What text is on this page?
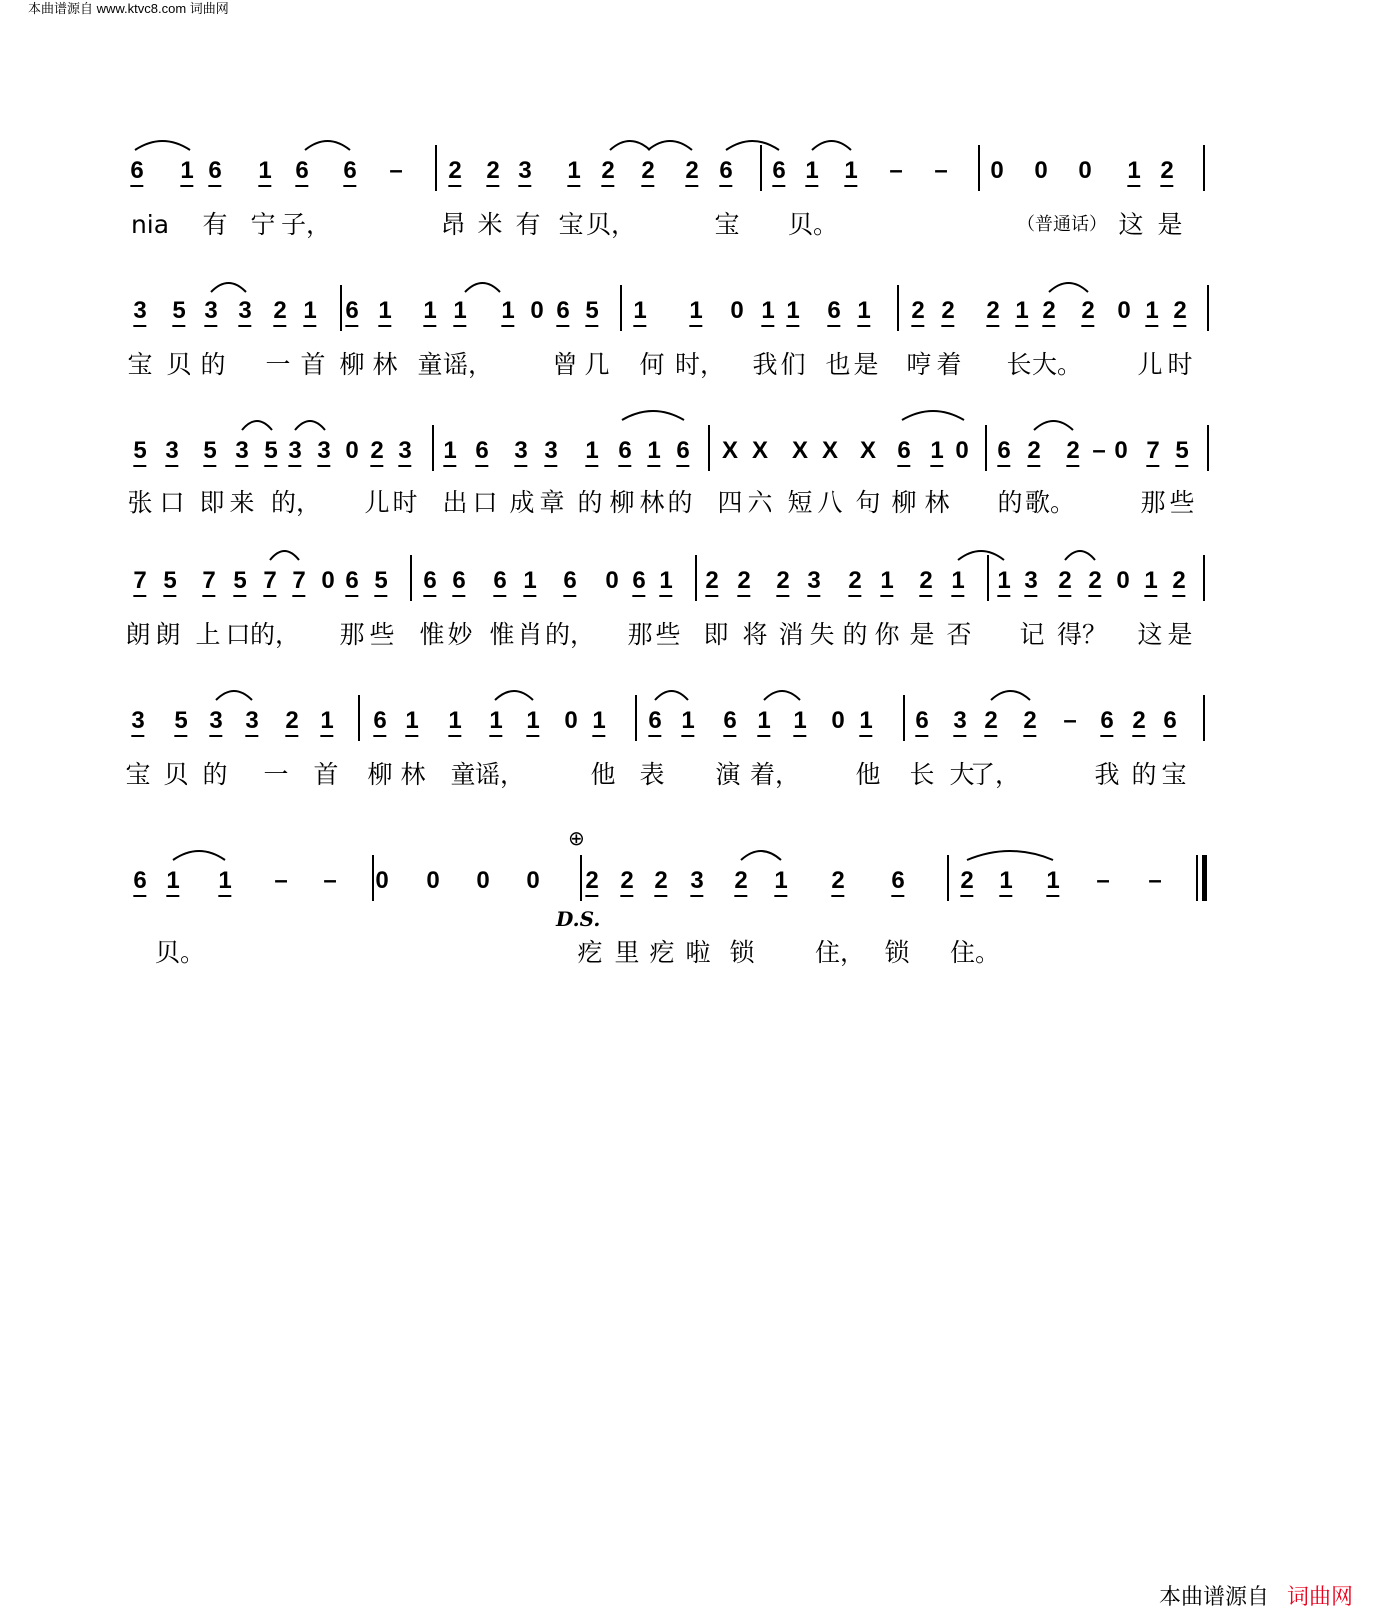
本曲谱源自 www.ktvc8.com 词曲网
6 1 6 1 6 6 – 2 2 3 1 2 2 2 6 6 1 1 – – 0 0 0 1 2
nia 有 宁 子，	昂 米 有 宝 贝，	宝 贝。	（普通话） 这 是
3 5 3 3 2 1 6 1 1 1 1 0 6 5 1 1 0 1 1 6 1 2 2 2 1 2 2 0 1 2
宝 贝 的 一 首 柳 林 童 谣， 曾 几 何 时， 我 们 也 是 哼 着 长 大。 儿 时
5 3 5 3 5 3 3 0 2 3 1 6 3 3 1 6 1 6 X X X X X 6 1 0 6 2 2 – 0 7 5
张 口 即 来 的， 儿 时 出 口 成 章 的 柳 林 的 四 六 短 八 句 柳 林 的 歌。	那 些
7 5 7 5 7 7 0 6 5 6 6 6 1 6 0 6 1 2 2 2 3 2 1 2 1 1 3 2 2 0 1 2
朗 朗 上 口 的， 那 些 惟 妙 惟 肖 的， 那 些 即 将 消 失 的 你 是 否 记 得？ 这 是
3 5 3 3 2 1 6 1 1 1 1 0 1 6 1 6 1 1 0 1 6 3 2 2 – 6 2 6
宝 贝 的 一 首 柳 林 童 谣，	他 表 演 着， 他 长 大
了，	我 的 宝
6 1 1 – – 0 0 0 0 2 2 2 3 2 1 2 6 2 1 1 – –
贝。	疙 里 疙 啦 锁 住， 锁 住。
D.S.
⊕
本曲谱源自 词曲网
